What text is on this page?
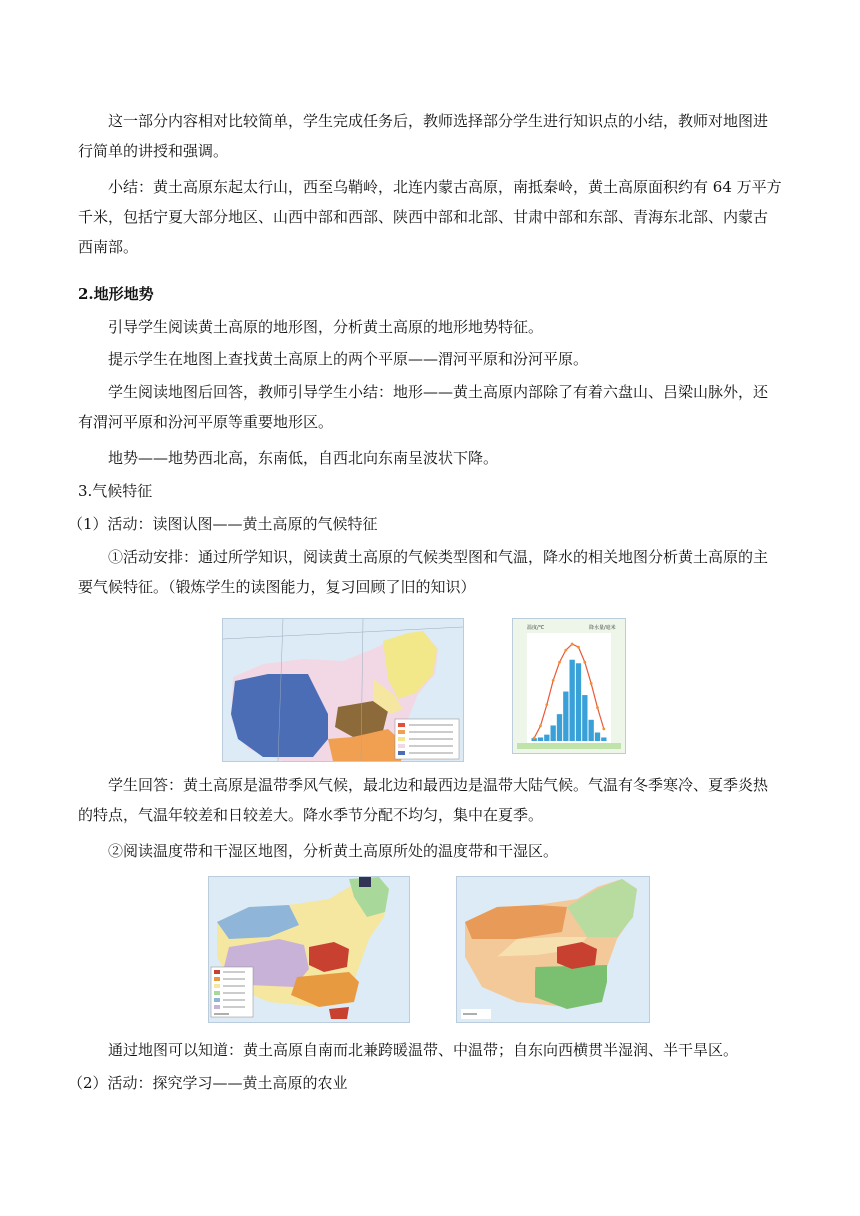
这一部分内容相对比较简单，学生完成任务后，教师选择部分学生进行知识点的小结，教师对地图进行简单的讲授和强调。

小结：黄土高原东起太行山，西至乌鞘岭，北连内蒙古高原，南抵秦岭，黄土高原面积约有 64 万平方千米，包括宁夏大部分地区、山西中部和西部、陕西中部和北部、甘肃中部和东部、青海东北部、内蒙古西南部。

2.地形地势

引导学生阅读黄土高原的地形图，分析黄土高原的地形地势特征。

提示学生在地图上查找黄土高原上的两个平原——渭河平原和汾河平原。

学生阅读地图后回答，教师引导学生小结：地形——黄土高原内部除了有着六盘山、吕梁山脉外，还有渭河平原和汾河平原等重要地形区。

地势——地势西北高，东南低，自西北向东南呈波状下降。

3.气候特征

（1）活动：读图认图——黄土高原的气候特征

①活动安排：通过所学知识，阅读黄土高原的气候类型图和气温，降水的相关地图分析黄土高原的主要气候特征。（锻炼学生的读图能力，复习回顾了旧的知识）

温度/℃	降水量/毫米

学生回答：黄土高原是温带季风气候，最北边和最西边是温带大陆气候。气温有冬季寒冷、夏季炎热的特点，气温年较差和日较差大。降水季节分配不均匀，集中在夏季。

②阅读温度带和干湿区地图，分析黄土高原所处的温度带和干湿区。

通过地图可以知道：黄土高原自南而北兼跨暖温带、中温带；自东向西横贯半湿润、半干旱区。

（2）活动：探究学习——黄土高原的农业
